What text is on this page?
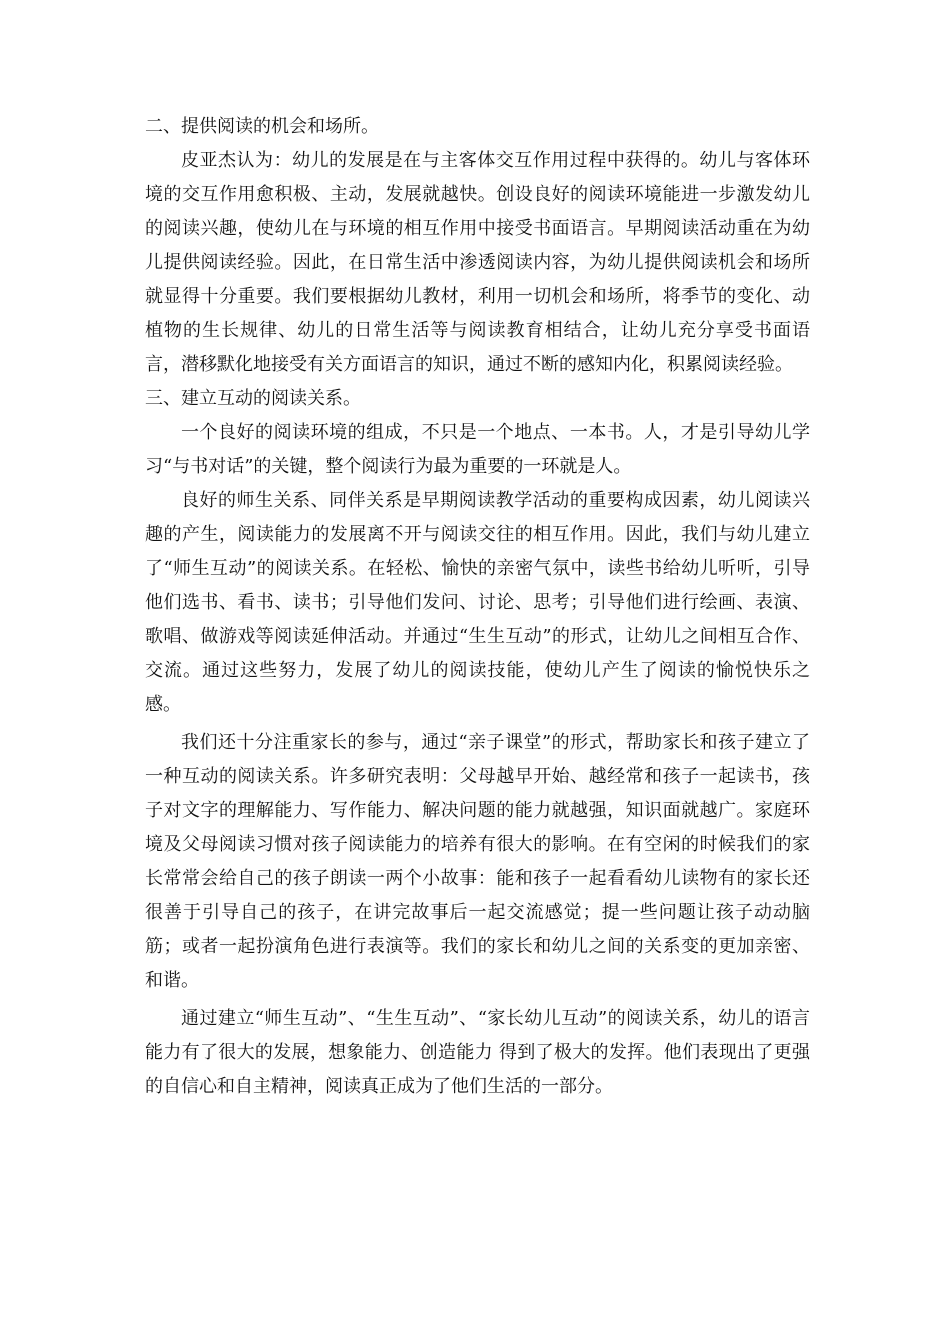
二、提供阅读的机会和场所。

皮亚杰认为：幼儿的发展是在与主客体交互作用过程中获得的。幼儿与客体环境的交互作用愈积极、主动，发展就越快。创设良好的阅读环境能进一步激发幼儿的阅读兴趣，使幼儿在与环境的相互作用中接受书面语言。早期阅读活动重在为幼儿提供阅读经验。因此，在日常生活中渗透阅读内容，为幼儿提供阅读机会和场所就显得十分重要。我们要根据幼儿教材，利用一切机会和场所，将季节的变化、动植物的生长规律、幼儿的日常生活等与阅读教育相结合，让幼儿充分享受书面语言，潜移默化地接受有关方面语言的知识，通过不断的感知内化，积累阅读经验。

三、建立互动的阅读关系。

一个良好的阅读环境的组成，不只是一个地点、一本书。人，才是引导幼儿学习“与书对话”的关键，整个阅读行为最为重要的一环就是人。

良好的师生关系、同伴关系是早期阅读教学活动的重要构成因素，幼儿阅读兴趣的产生，阅读能力的发展离不开与阅读交往的相互作用。因此，我们与幼儿建立了“师生互动”的阅读关系。在轻松、愉快的亲密气氛中，读些书给幼儿听听，引导他们选书、看书、读书；引导他们发问、讨论、思考；引导他们进行绘画、表演、歌唱、做游戏等阅读延伸活动。并通过“生生互动”的形式，让幼儿之间相互合作、交流。通过这些努力，发展了幼儿的阅读技能，使幼儿产生了阅读的愉悦快乐之感。

我们还十分注重家长的参与，通过“亲子课堂”的形式，帮助家长和孩子建立了一种互动的阅读关系。许多研究表明：父母越早开始、越经常和孩子一起读书，孩子对文字的理解能力、写作能力、解决问题的能力就越强，知识面就越广。家庭环境及父母阅读习惯对孩子阅读能力的培养有很大的影响。在有空闲的时候我们的家长常常会给自己的孩子朗读一两个小故事：能和孩子一起看看幼儿读物有的家长还很善于引导自己的孩子，在讲完故事后一起交流感觉；提一些问题让孩子动动脑筋；或者一起扮演角色进行表演等。我们的家长和幼儿之间的关系变的更加亲密、和谐。

通过建立“师生互动”、“生生互动”、“家长幼儿互动”的阅读关系，幼儿的语言能力有了很大的发展，想象能力、创造能力 得到了极大的发挥。他们表现出了更强的自信心和自主精神，阅读真正成为了他们生活的一部分。
